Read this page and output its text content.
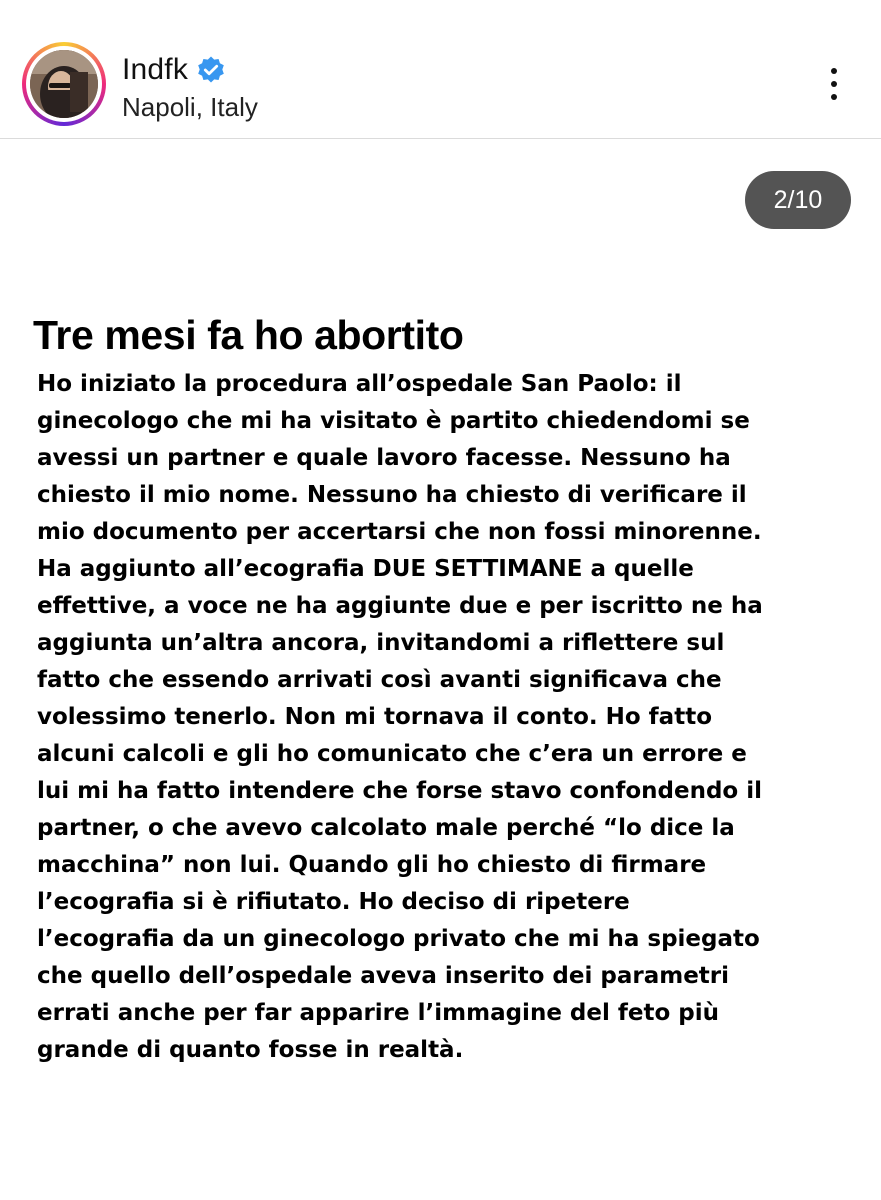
Indfk
Napoli, Italy
2/10
Tre mesi fa ho abortito

Ho iniziato la procedura all’ospedale San Paolo: il
ginecologo che mi ha visitato è partito chiedendomi se
avessi un partner e quale lavoro facesse. Nessuno ha
chiesto il mio nome. Nessuno ha chiesto di verificare il
mio documento per accertarsi che non fossi minorenne.
Ha aggiunto all’ecografia DUE SETTIMANE a quelle
effettive, a voce ne ha aggiunte due e per iscritto ne ha
aggiunta un’altra ancora, invitandomi a riflettere sul
fatto che essendo arrivati così avanti significava che
volessimo tenerlo. Non mi tornava il conto. Ho fatto
alcuni calcoli e gli ho comunicato che c’era un errore e
lui mi ha fatto intendere che forse stavo confondendo il
partner, o che avevo calcolato male perché “lo dice la
macchina” non lui. Quando gli ho chiesto di firmare
l’ecografia si è rifiutato. Ho deciso di ripetere
l’ecografia da un ginecologo privato che mi ha spiegato
che quello dell’ospedale aveva inserito dei parametri
errati anche per far apparire l’immagine del feto più
grande di quanto fosse in realtà.
